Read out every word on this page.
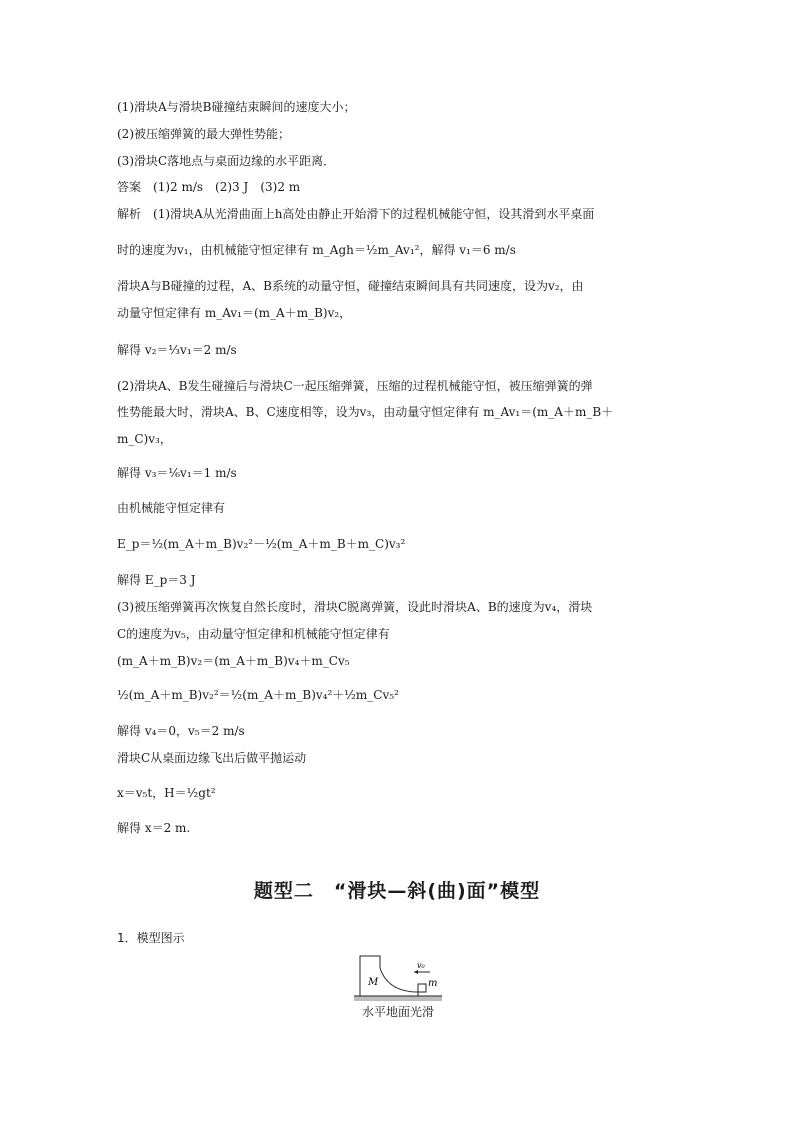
(1)滑块A与滑块B碰撞结束瞬间的速度大小；
(2)被压缩弹簧的最大弹性势能；
(3)滑块C落地点与桌面边缘的水平距离．
答案　 (1)2 m/s　(2)3 J　(3)2 m
解析　 (1)滑块A从光滑曲面上h高处由静止开始滑下的过程机械能守恒，设其滑到水平桌面
时的速度为v₁，由机械能守恒定律有 m_Agh＝½m_Av₁²，解得 v₁＝6 m/s
滑块A与B碰撞的过程，A、B系统的动量守恒，碰撞结束瞬间具有共同速度，设为v₂，由
动量守恒定律有 m_Av₁＝(m_A＋m_B)v₂，
解得 v₂＝⅓v₁＝2 m/s
(2)滑块A、B发生碰撞后与滑块C一起压缩弹簧，压缩的过程机械能守恒，被压缩弹簧的弹
性势能最大时，滑块A、B、C速度相等，设为v₃，由动量守恒定律有 m_Av₁＝(m_A＋m_B＋
m_C)v₃，
解得 v₃＝⅙v₁＝1 m/s
由机械能守恒定律有
E_p＝½(m_A＋m_B)v₂²－½(m_A＋m_B＋m_C)v₃²
解得 E_p＝3 J
(3)被压缩弹簧再次恢复自然长度时，滑块C脱离弹簧，设此时滑块A、B的速度为v₄，滑块
C的速度为v₅，由动量守恒定律和机械能守恒定律有
(m_A＋m_B)v₂＝(m_A＋m_B)v₄＋m_Cv₅
½(m_A＋m_B)v₂²＝½(m_A＋m_B)v₄²＋½m_Cv₅²
解得 v₄＝0，v₅＝2 m/s
滑块C从桌面边缘飞出后做平抛运动
x＝v₅t，H＝½gt²
解得 x＝2 m.
题型二　“滑块—斜(曲)面”模型
1．模型图示
M	m
v₀
水平地面光滑
